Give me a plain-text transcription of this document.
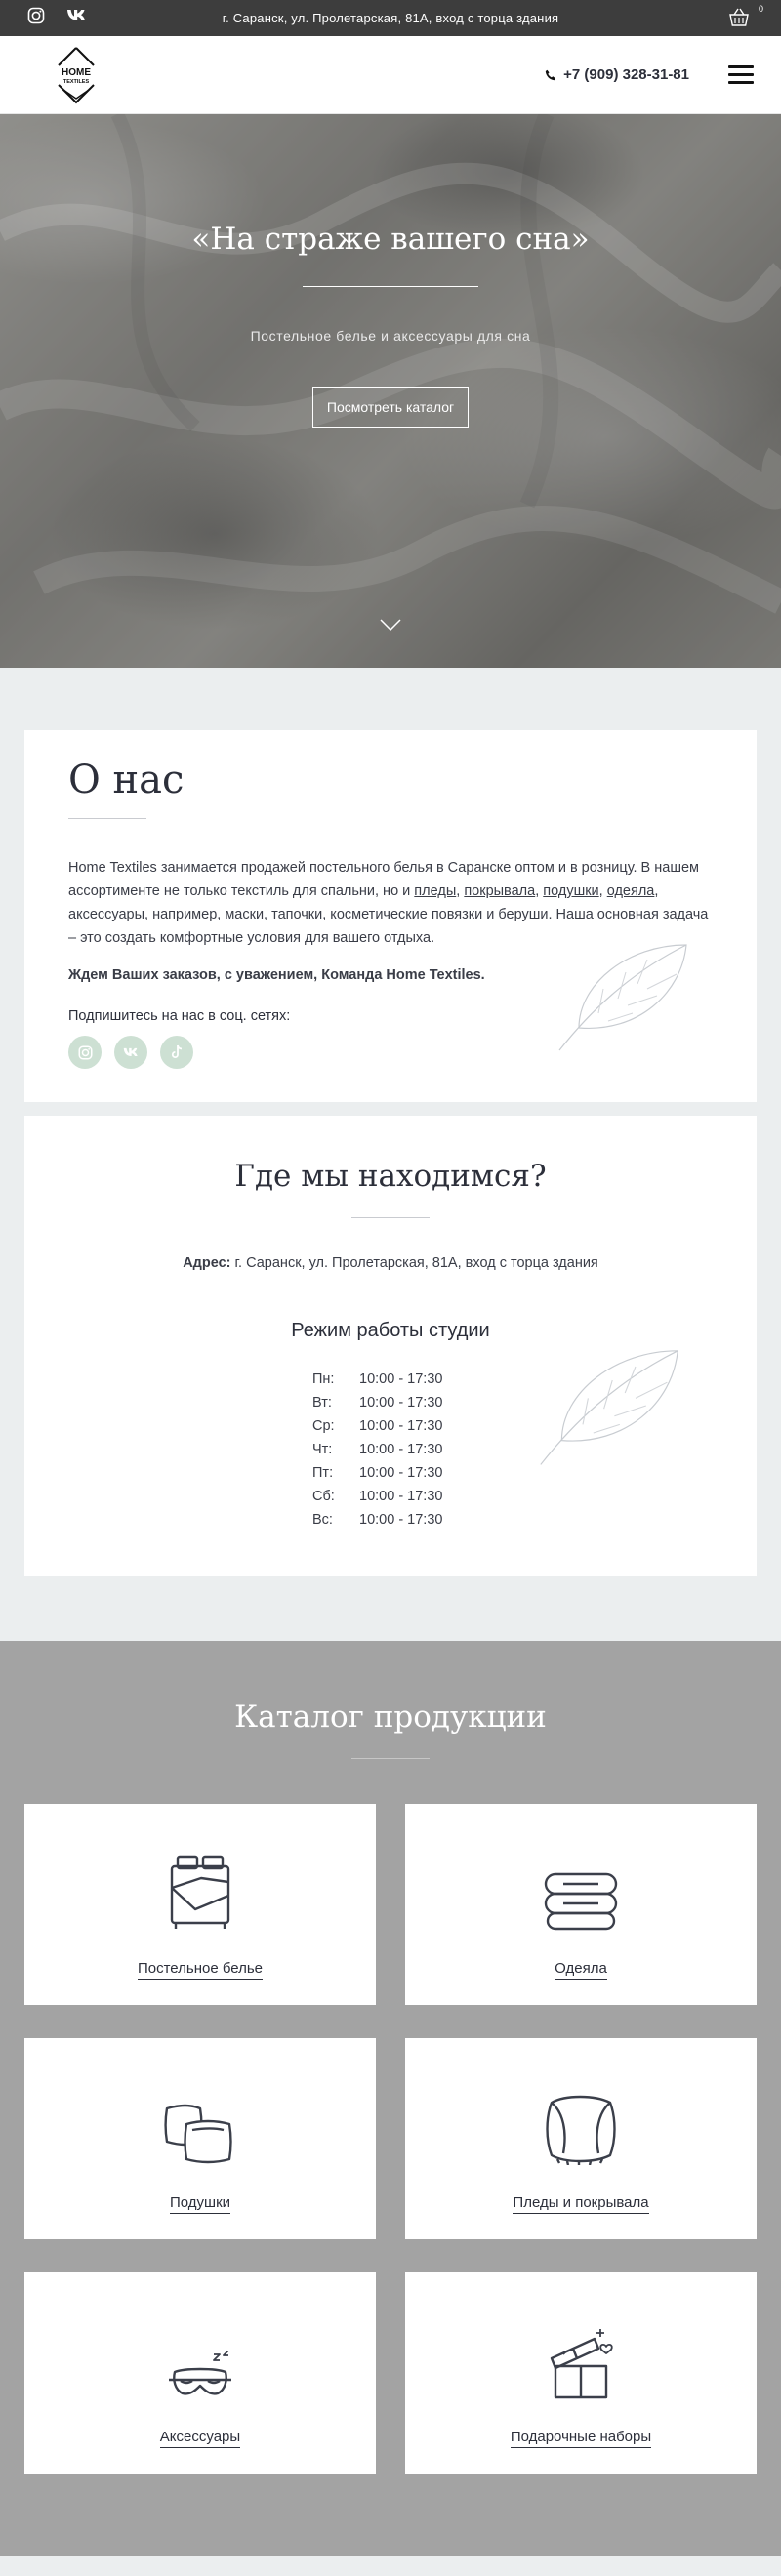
г. Саранск, ул. Пролетарская, 81А, вход с торца здания
0
HOME
TEXTILES	+7 (909) 328-31-81
«На страже вашего сна»
Постельное белье и аксессуары для сна
Посмотреть каталог
О нас

Home Textiles занимается продажей постельного белья в Саранске оптом и в розницу. В нашем ассортименте не только текстиль для спальни, но и пледы, покрывала, подушки, одеяла, аксессуары, например, маски, тапочки, косметические повязки и беруши. Наша основная задача – это создать комфортные условия для вашего отдыха.

Ждем Ваших заказов, с уважением, Команда Home Textiles.

Подпишитесь на нас в соц. сетях:
Где мы находимся?
Адрес: г. Саранск, ул. Пролетарская, 81А, вход с торца здания
Режим работы студии
Пн:	10:00 - 17:30
Вт:	10:00 - 17:30
Ср:	10:00 - 17:30
Чт:	10:00 - 17:30
Пт:	10:00 - 17:30
Сб:	10:00 - 17:30
Вс:	10:00 - 17:30
Каталог продукции
Постельное белье	Одеяла
Подушки	Пледы и покрывала
Аксессуары	Подарочные наборы
